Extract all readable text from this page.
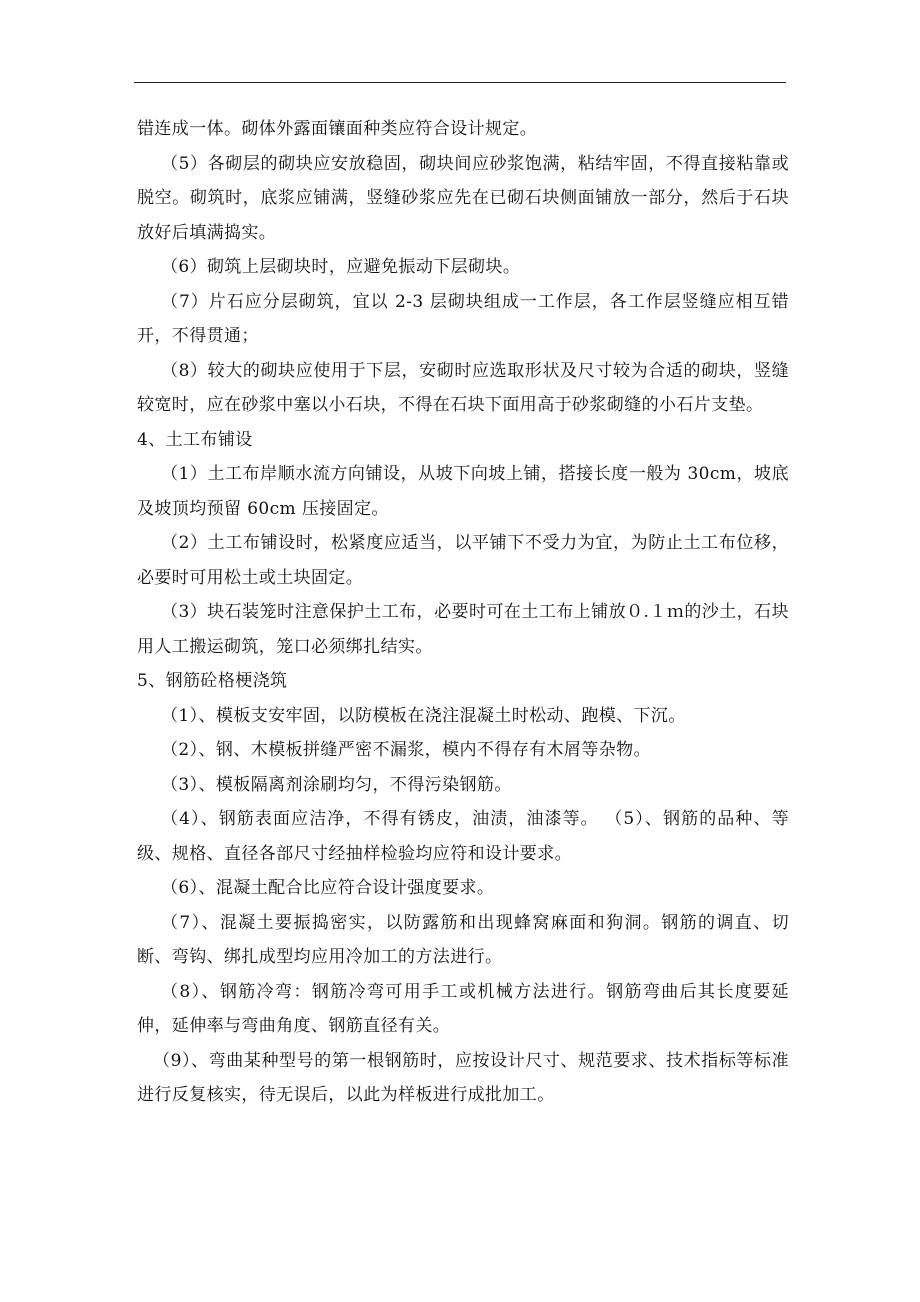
错连成一体。砌体外露面镶面种类应符合设计规定。

（5）各砌层的砌块应安放稳固，砌块间应砂浆饱满，粘结牢固，不得直接粘靠或脱空。砌筑时，底浆应铺满，竖缝砂浆应先在已砌石块侧面铺放一部分，然后于石块放好后填满捣实。

（6）砌筑上层砌块时，应避免振动下层砌块。

（7）片石应分层砌筑，宜以 2-3 层砌块组成一工作层，各工作层竖缝应相互错开，不得贯通；

（8）较大的砌块应使用于下层，安砌时应选取形状及尺寸较为合适的砌块，竖缝较宽时，应在砂浆中塞以小石块，不得在石块下面用高于砂浆砌缝的小石片支垫。

4、土工布铺设

（1）土工布岸顺水流方向铺设，从坡下向坡上铺，搭接长度一般为 30cm，坡底及坡顶均预留 60cm 压接固定。

（2）土工布铺设时，松紧度应适当，以平铺下不受力为宜，为防止土工布位移，必要时可用松土或土块固定。

（3）块石装笼时注意保护土工布，必要时可在土工布上铺放０.１ｍ的沙土，石块用人工搬运砌筑，笼口必须绑扎结实。

5、钢筋砼格梗浇筑

（1）、模板支安牢固，以防模板在浇注混凝土时松动、跑模、下沉。

（2）、钢、木模板拼缝严密不漏浆，模内不得存有木屑等杂物。

（3）、模板隔离剂涂刷均匀，不得污染钢筋。

（4）、钢筋表面应洁净，不得有锈皮，油渍，油漆等。 （5）、钢筋的品种、等级、规格、直径各部尺寸经抽样检验均应符和设计要求。

（6）、混凝土配合比应符合设计强度要求。

（7）、混凝土要振捣密实，以防露筋和出现蜂窝麻面和狗洞。钢筋的调直、切断、弯钩、绑扎成型均应用冷加工的方法进行。

（8）、钢筋冷弯：钢筋冷弯可用手工或机械方法进行。钢筋弯曲后其长度要延伸，延伸率与弯曲角度、钢筋直径有关。

（9）、弯曲某种型号的第一根钢筋时，应按设计尺寸、规范要求、技术指标等标准进行反复核实，待无误后，以此为样板进行成批加工。
